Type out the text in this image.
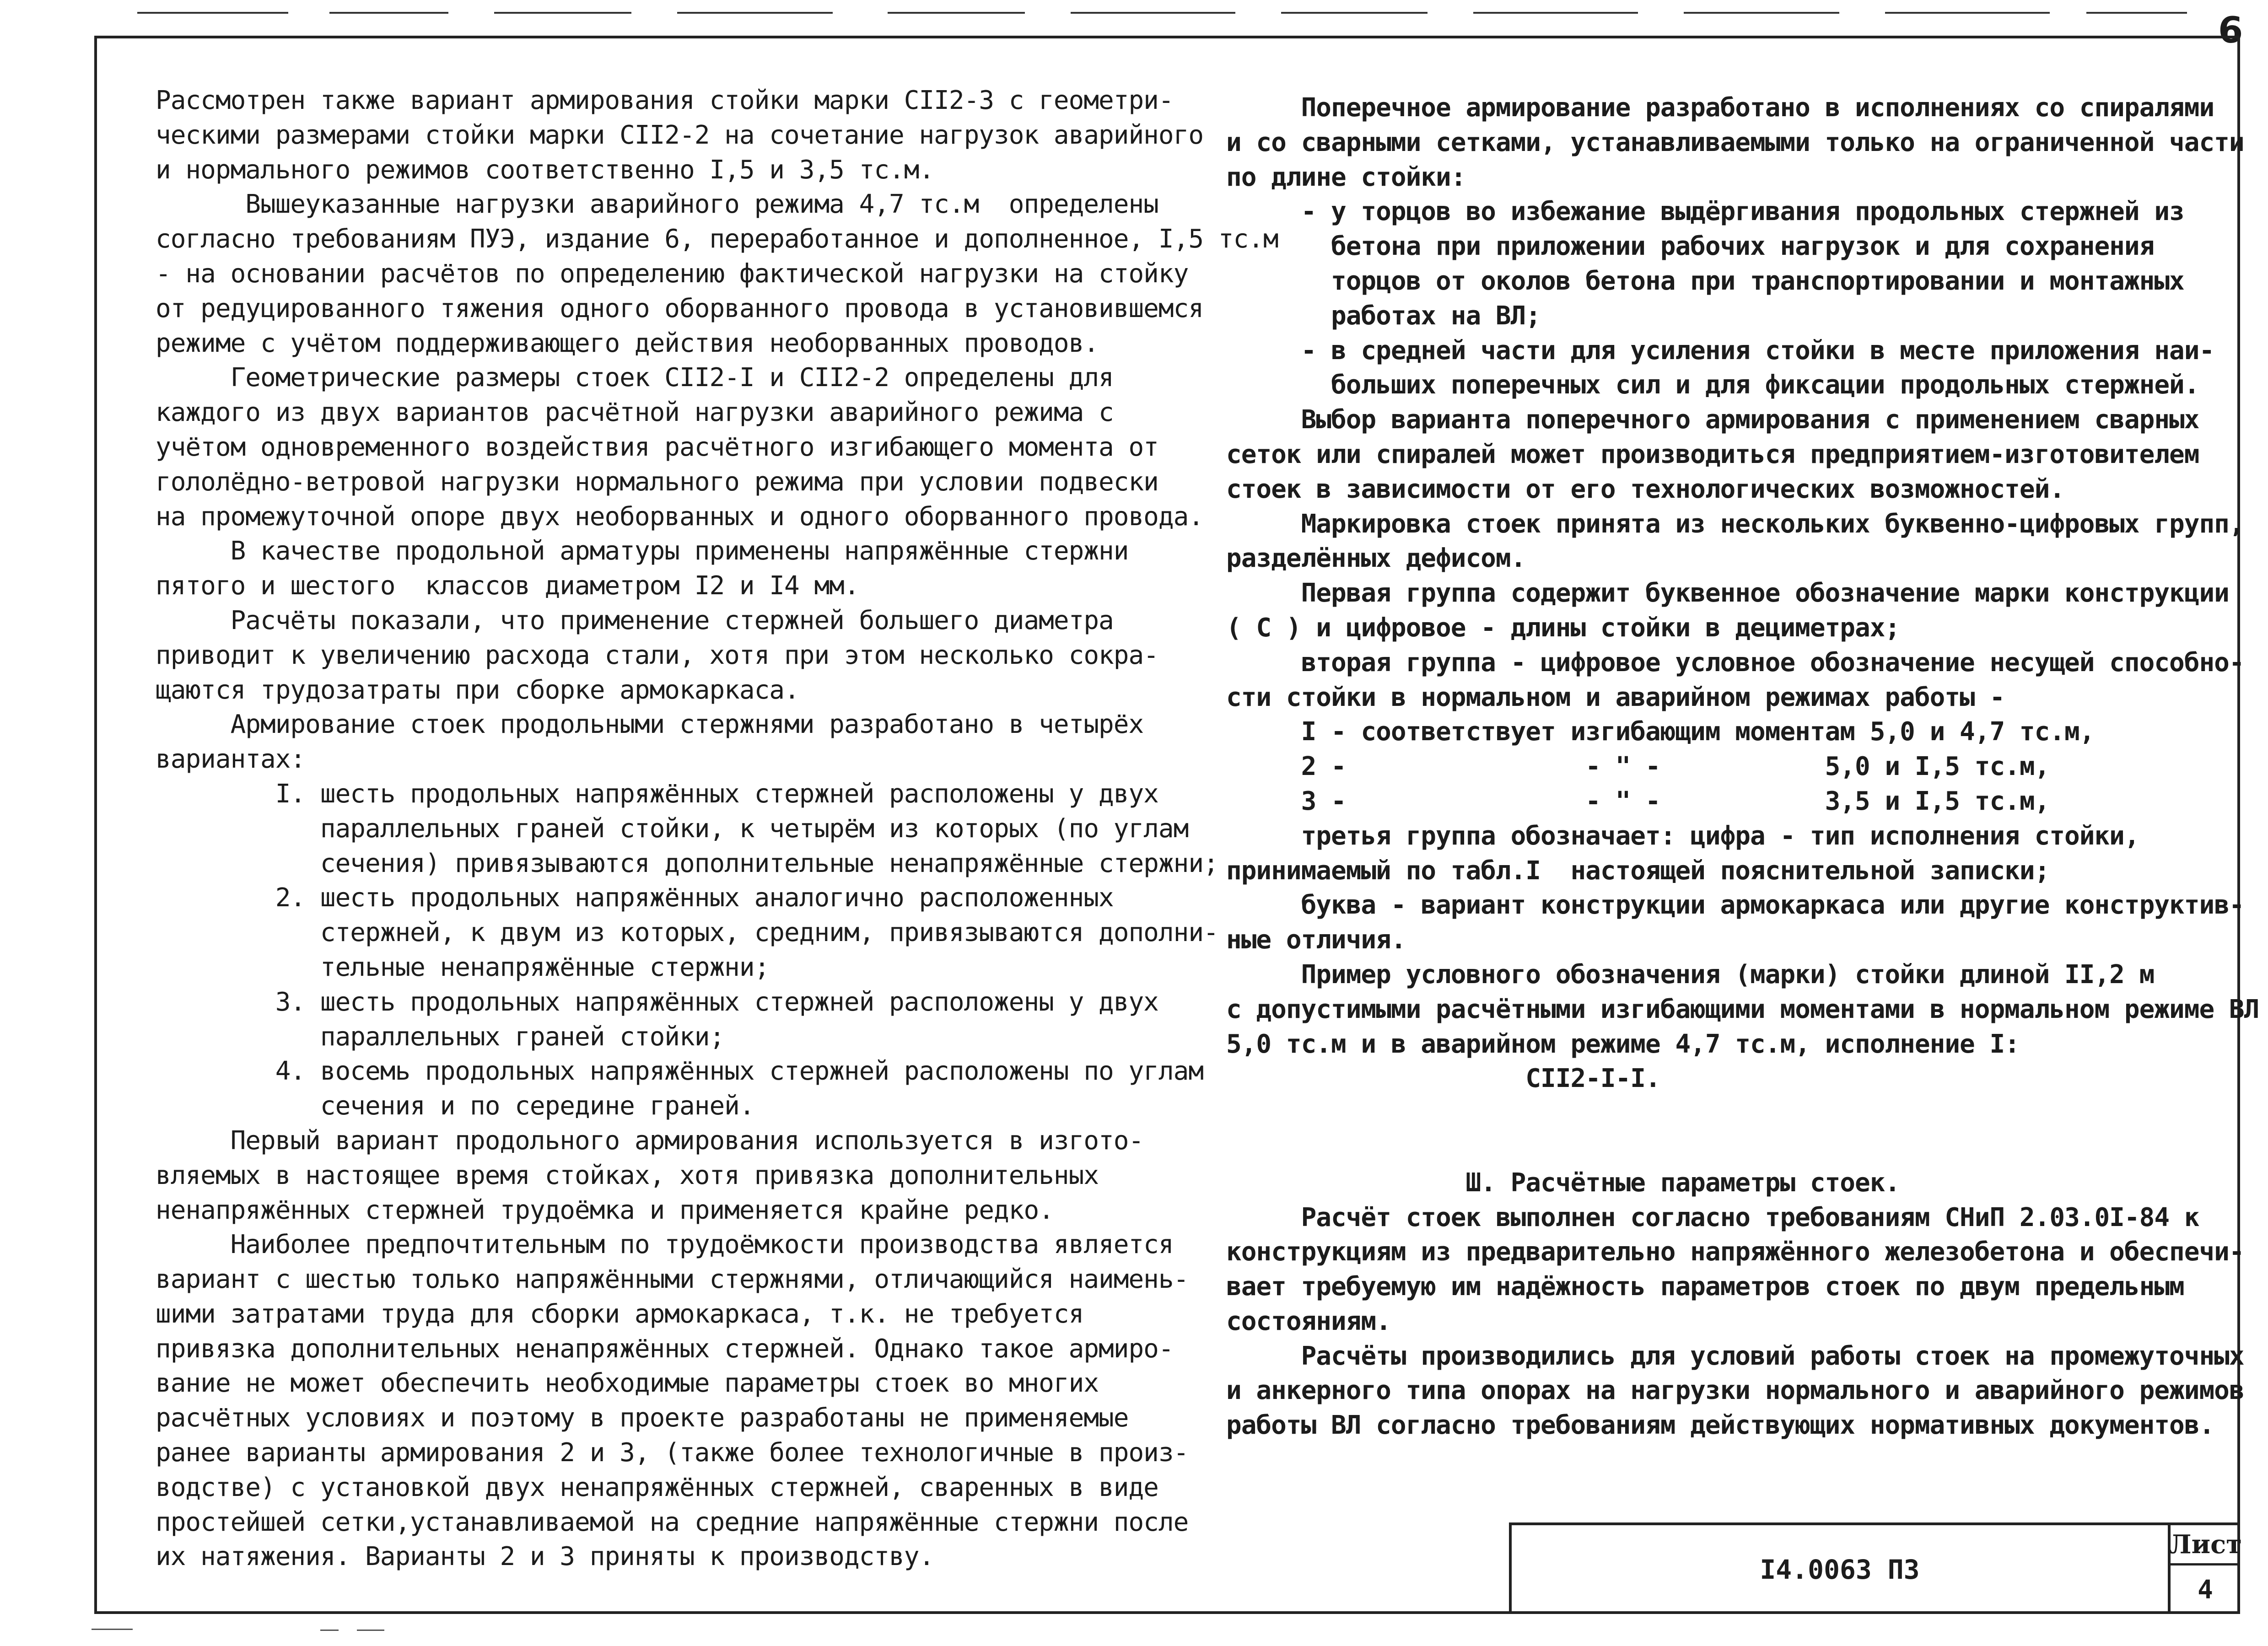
6

Рассмотрен также вариант армирования стойки марки СII2-3 с геометри-

ческими размерами стойки марки СII2-2 на сочетание нагрузок аварийного

и нормального режимов соответственно I,5 и 3,5 тс.м.

Вышеуказанные нагрузки аварийного режима 4,7 тс.м  определены

согласно требованиям ПУЭ, издание 6, переработанное и дополненное, I,5 тс.м

- на основании расчётов по определению фактической нагрузки на стойку

от редуцированного тяжения одного оборванного провода в установившемся

режиме с учётом поддерживающего действия необорванных проводов.

Геометрические размеры стоек СII2-I и СII2-2 определены для

каждого из двух вариантов расчётной нагрузки аварийного режима с

учётом одновременного воздействия расчётного изгибающего момента от

гололёдно-ветровой нагрузки нормального режима при условии подвески

на промежуточной опоре двух необорванных и одного оборванного провода.

В качестве продольной арматуры применены напряжённые стержни

пятого и шестого  классов диаметром I2 и I4 мм.

Расчёты показали, что применение стержней большего диаметра

приводит к увеличению расхода стали, хотя при этом несколько сокра-

щаются трудозатраты при сборке армокаркаса.

Армирование стоек продольными стержнями разработано в четырёх

вариантах:

I. шесть продольных напряжённых стержней расположены у двух

параллельных граней стойки, к четырём из которых (по углам

сечения) привязываются дополнительные ненапряжённые стержни;

2. шесть продольных напряжённых аналогично расположенных

стержней, к двум из которых, средним, привязываются дополни-

тельные ненапряжённые стержни;

3. шесть продольных напряжённых стержней расположены у двух

параллельных граней стойки;

4. восемь продольных напряжённых стержней расположены по углам

сечения и по середине граней.

Первый вариант продольного армирования используется в изгото-

вляемых в настоящее время стойках, хотя привязка дополнительных

ненапряжённых стержней трудоёмка и применяется крайне редко.

Наиболее предпочтительным по трудоёмкости производства является

вариант с шестью только напряжёнными стержнями, отличающийся наимень-

шими затратами труда для сборки армокаркаса, т.к. не требуется

привязка дополнительных ненапряжённых стержней. Однако такое армиро-

вание не может обеспечить необходимые параметры стоек во многих

расчётных условиях и поэтому в проекте разработаны не применяемые

ранее варианты армирования 2 и 3, (также более технологичные в произ-

водстве) с установкой двух ненапряжённых стержней, сваренных в виде

простейшей сетки,устанавливаемой на средние напряжённые стержни после

их натяжения. Варианты 2 и 3 приняты к производству.

Поперечное армирование разработано в исполнениях со спиралями

и со сварными сетками, устанавливаемыми только на ограниченной части

по длине стойки:

- у торцов во избежание выдёргивания продольных стержней из

бетона при приложении рабочих нагрузок и для сохранения

торцов от околов бетона при транспортировании и монтажных

работах на ВЛ;

- в средней части для усиления стойки в месте приложения наи-

больших поперечных сил и для фиксации продольных стержней.

Выбор варианта поперечного армирования с применением сварных

сеток или спиралей может производиться предприятием-изготовителем

стоек в зависимости от его технологических возможностей.

Маркировка стоек принята из нескольких буквенно-цифровых групп,

разделённых дефисом.

Первая группа содержит буквенное обозначение марки конструкции

( С ) и цифровое - длины стойки в дециметрах;

вторая группа - цифровое условное обозначение несущей способно-

сти стойки в нормальном и аварийном режимах работы -

I - соответствует изгибающим моментам 5,0 и 4,7 тс.м,

2 -                - " -           5,0 и I,5 тс.м,

3 -                - " -           3,5 и I,5 тс.м,

третья группа обозначает: цифра - тип исполнения стойки,

принимаемый по табл.I  настоящей пояснительной записки;

буква - вариант конструкции армокаркаса или другие конструктив-

ные отличия.

Пример условного обозначения (марки) стойки длиной II,2 м

с допустимыми расчётными изгибающими моментами в нормальном режиме ВЛ

5,0 тс.м и в аварийном режиме 4,7 тс.м, исполнение I:

СII2-I-I.

Ш. Расчётные параметры стоек.

Расчёт стоек выполнен согласно требованиям СНиП 2.03.0I-84 к

конструкциям из предварительно напряжённого железобетона и обеспечи-

вает требуемую им надёжность параметров стоек по двум предельным

состояниям.

Расчёты производились для условий работы стоек на промежуточных

и анкерного типа опорах на нагрузки нормального и аварийного режимов

работы ВЛ согласно требованиям действующих нормативных документов.

I4.0063 ПЗ
Лист
4
